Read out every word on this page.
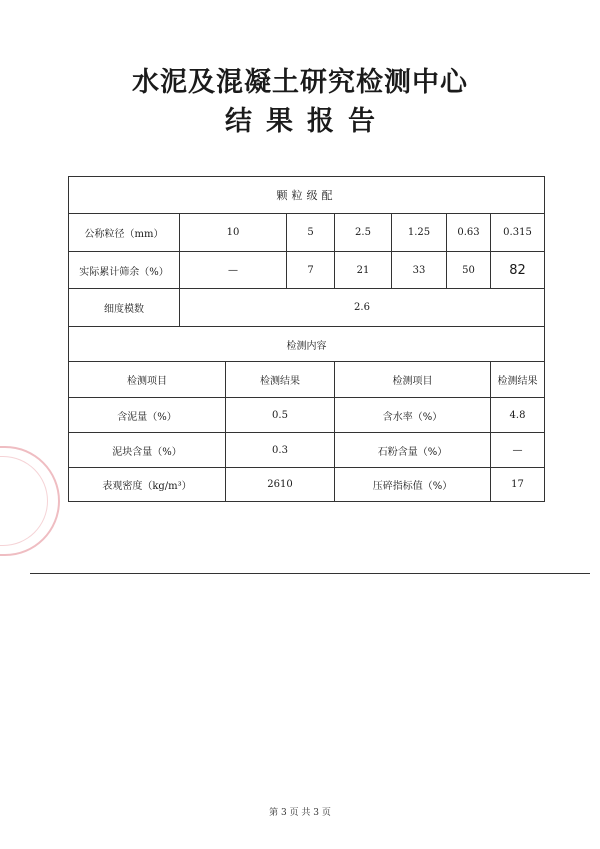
水泥及混凝土研究检测中心
结果报告
颗粒级配								
公称粒径（mm）	10		5	2.5	1.25	0.63	0.315	
实际累计筛余（%）	—		7	21	33	50	82	
细度模数	2.6							
检测内容								
检测项目		检测结果		检测项目			检测结果	
含泥量（%）		0.5		含水率（%）			4.8	
泥块含量（%）		0.3		石粉含量（%）			—	
表观密度（kg/m³）		2610		压碎指标值（%）			17	
第 3 页 共 3 页
